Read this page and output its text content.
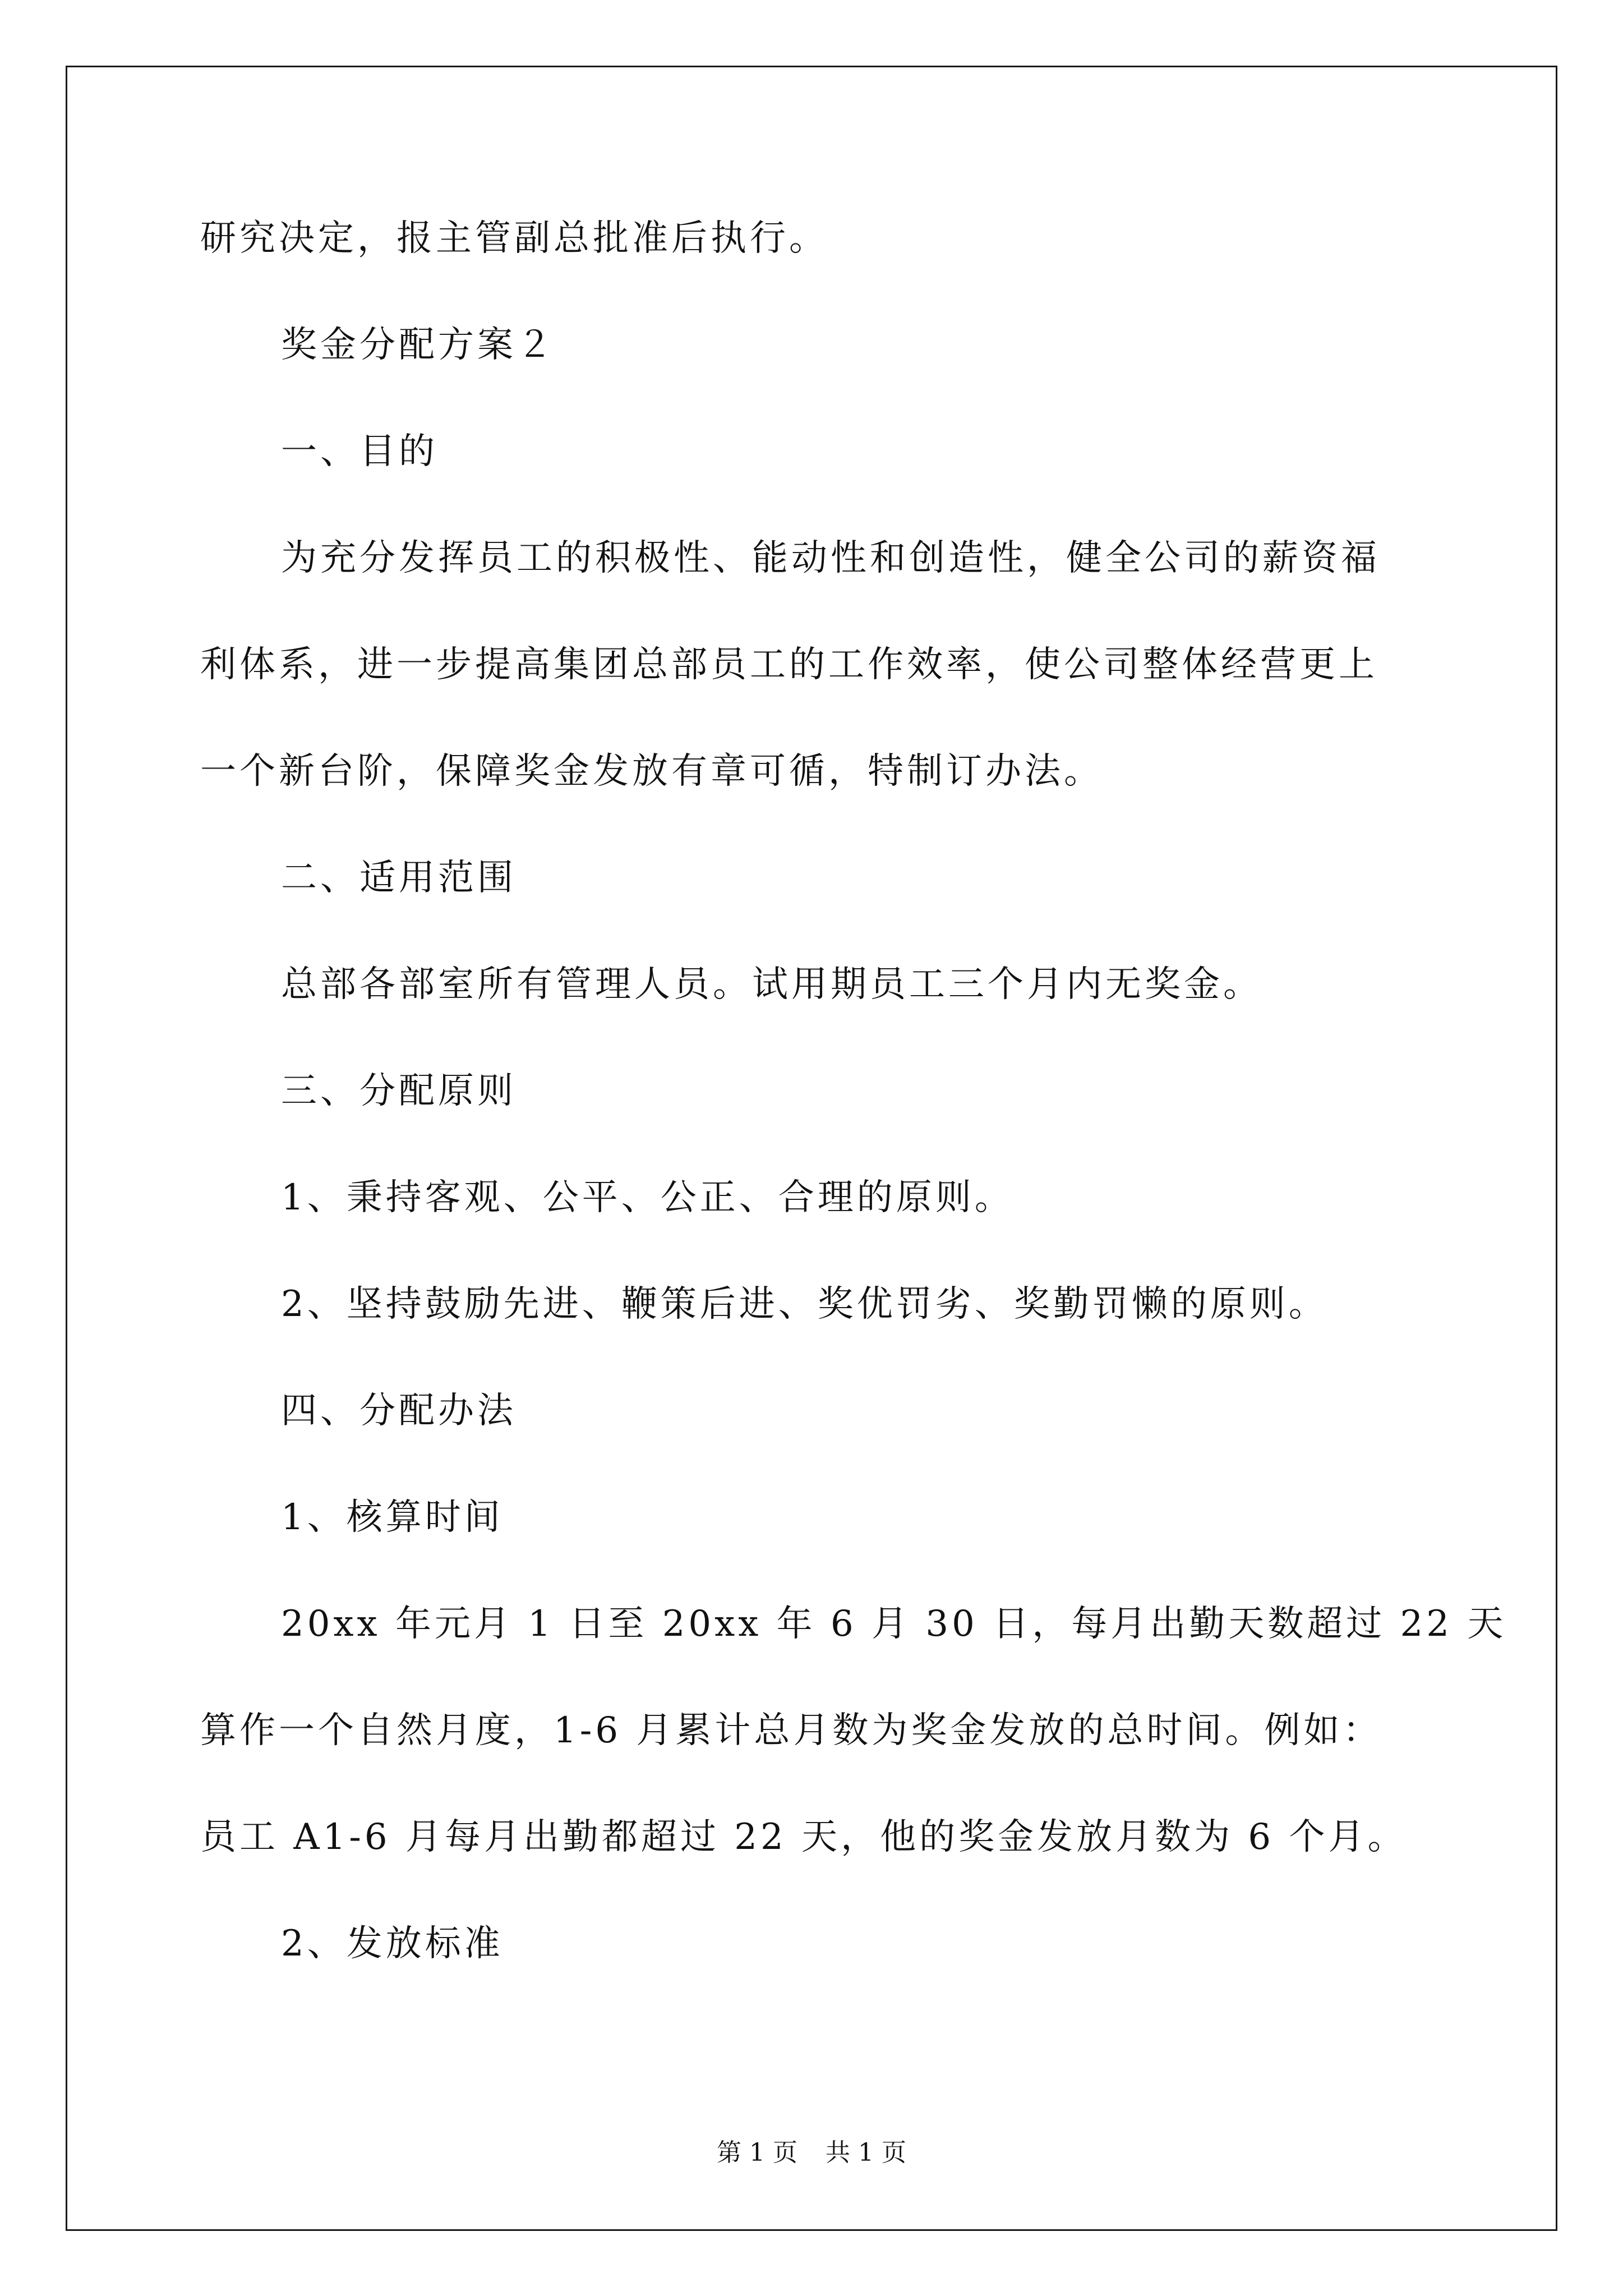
研究决定，报主管副总批准后执行。
奖金分配方案２
一、目的
为充分发挥员工的积极性、能动性和创造性，健全公司的薪资福
利体系，进一步提高集团总部员工的工作效率，使公司整体经营更上
一个新台阶，保障奖金发放有章可循，特制订办法。
二、适用范围
总部各部室所有管理人员。试用期员工三个月内无奖金。
三、分配原则
1、秉持客观、公平、公正、合理的原则。
2、坚持鼓励先进、鞭策后进、奖优罚劣、奖勤罚懒的原则。
四、分配办法
1、核算时间
20xx 年元月 1 日至 20xx 年 6 月 30 日，每月出勤天数超过 22 天
算作一个自然月度，1-6 月累计总月数为奖金发放的总时间。例如：
员工 A1-6 月每月出勤都超过 22 天，他的奖金发放月数为 6 个月。
2、发放标准
第 1 页 共 1 页
